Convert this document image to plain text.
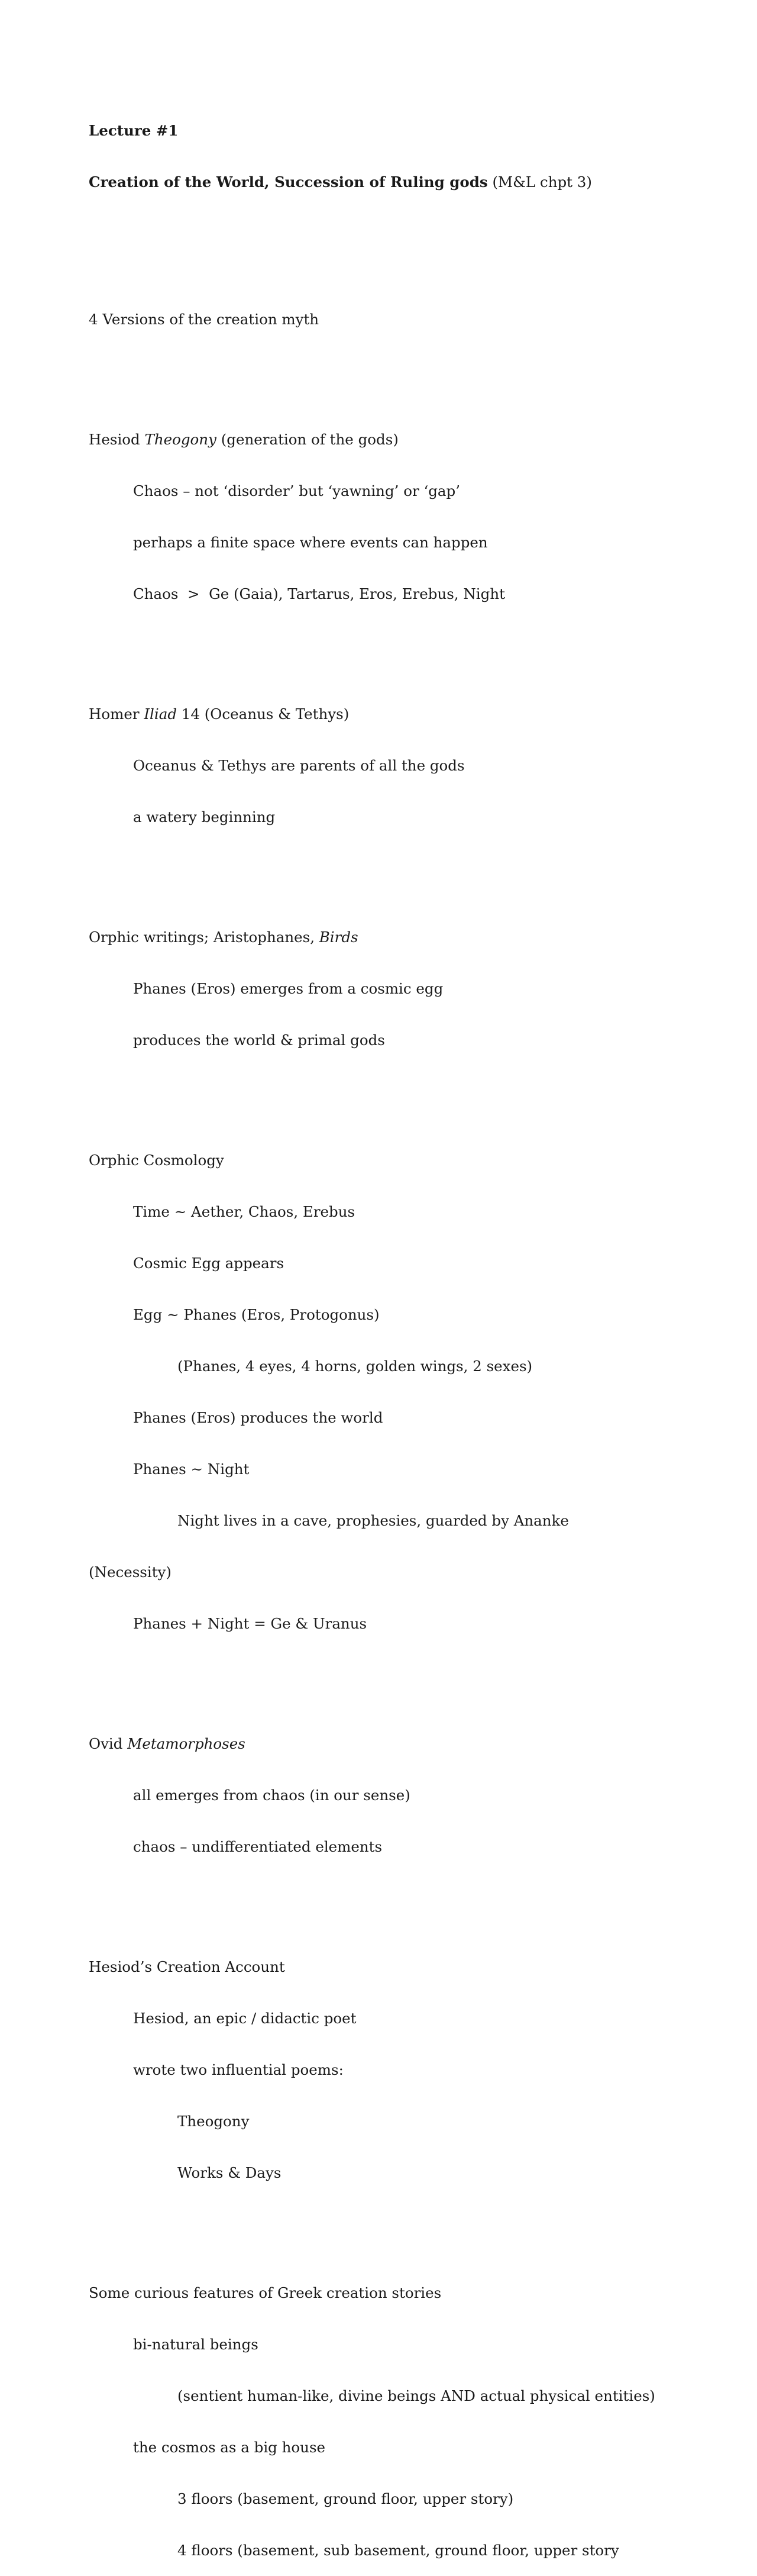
Lecture #1

Creation of the World, Succession of Ruling gods (M&L chpt 3)

4 Versions of the creation myth

Hesiod Theogony (generation of the gods)

Chaos – not ‘disorder’ but ‘yawning’ or ‘gap’

perhaps a finite space where events can happen

Chaos  >  Ge (Gaia), Tartarus, Eros, Erebus, Night

Homer Iliad 14 (Oceanus & Tethys)

Oceanus & Tethys are parents of all the gods

a watery beginning

Orphic writings; Aristophanes, Birds

Phanes (Eros) emerges from a cosmic egg

produces the world & primal gods

Orphic Cosmology

Time ~ Aether, Chaos, Erebus

Cosmic Egg appears

Egg ~ Phanes (Eros, Protogonus)

(Phanes, 4 eyes, 4 horns, golden wings, 2 sexes)

Phanes (Eros) produces the world

Phanes ~ Night

Night lives in a cave, prophesies, guarded by Ananke

(Necessity)

Phanes + Night = Ge & Uranus

Ovid Metamorphoses

all emerges from chaos (in our sense)

chaos – undifferentiated elements

Hesiod’s Creation Account

Hesiod, an epic / didactic poet

wrote two influential poems:

Theogony

Works & Days

Some curious features of Greek creation stories

bi-natural beings

(sentient human-like, divine beings AND actual physical entities)

the cosmos as a big house

3 floors (basement, ground floor, upper story)

4 floors (basement, sub basement, ground floor, upper story
